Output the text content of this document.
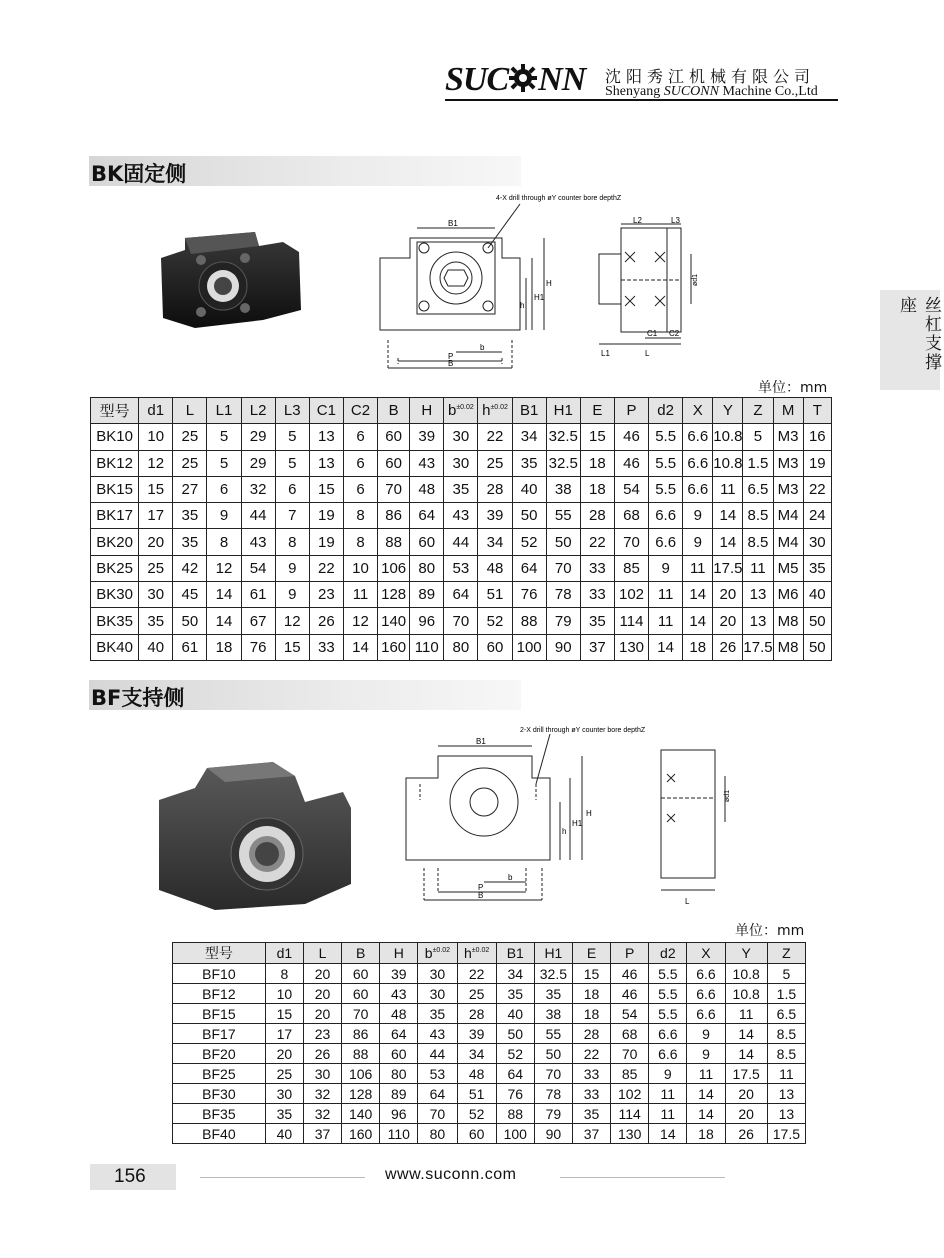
SUC NN 沈阳秀江机械有限公司
Shenyang SUCONN Machine Co.,Ltd
丝杠支撑座
BK固定侧
B1
B
P
b
H
H1
h
4-X drill through øY counter bore depthZ
L2	L3
C1 C2
L1	L
ød1
单位：mm
型号	d1	L	L1	L2	L3	C1	C2	B	H	$b^{\pm 0.02}$	$h^{\pm 0.02}$	B1	H1	E	P	d2	X	Y	Z	M	T
BK10	10	25	5	29	5	13	6	60	39	30	22	34	32.5	15	46	5.5	6.6	10.8	5	M3	16
BK12	12	25	5	29	5	13	6	60	43	30	25	35	32.5	18	46	5.5	6.6	10.8	1.5	M3	19
BK15	15	27	6	32	6	15	6	70	48	35	28	40	38	18	54	5.5	6.6	11	6.5	M3	22
BK17	17	35	9	44	7	19	8	86	64	43	39	50	55	28	68	6.6	9	14	8.5	M4	24
BK20	20	35	8	43	8	19	8	88	60	44	34	52	50	22	70	6.6	9	14	8.5	M4	30
BK25	25	42	12	54	9	22	10	106	80	53	48	64	70	33	85	9	11	17.5	11	M5	35
BK30	30	45	14	61	9	23	11	128	89	64	51	76	78	33	102	11	14	20	13	M6	40
BK35	35	50	14	67	12	26	12	140	96	70	52	88	79	35	114	11	14	20	13	M8	50
BK40	40	61	18	76	15	33	14	160	110	80	60	100	90	37	130	14	18	26	17.5	M8	50
BF支持侧
B1
B
P
b
H
H1
h
2-X drill through øY counter bore depthZ
L
ød1
单位：mm
型号	d1	L	B	H	$b^{\pm 0.02}$	$h^{\pm 0.02}$	B1	H1	E	P	d2	X	Y	Z
BF10	8	20	60	39	30	22	34	32.5	15	46	5.5	6.6	10.8	5
BF12	10	20	60	43	30	25	35	35	18	46	5.5	6.6	10.8	1.5
BF15	15	20	70	48	35	28	40	38	18	54	5.5	6.6	11	6.5
BF17	17	23	86	64	43	39	50	55	28	68	6.6	9	14	8.5
BF20	20	26	88	60	44	34	52	50	22	70	6.6	9	14	8.5
BF25	25	30	106	80	53	48	64	70	33	85	9	11	17.5	11
BF30	30	32	128	89	64	51	76	78	33	102	11	14	20	13
BF35	35	32	140	96	70	52	88	79	35	114	11	14	20	13
BF40	40	37	160	110	80	60	100	90	37	130	14	18	26	17.5
156	www.suconn.com
